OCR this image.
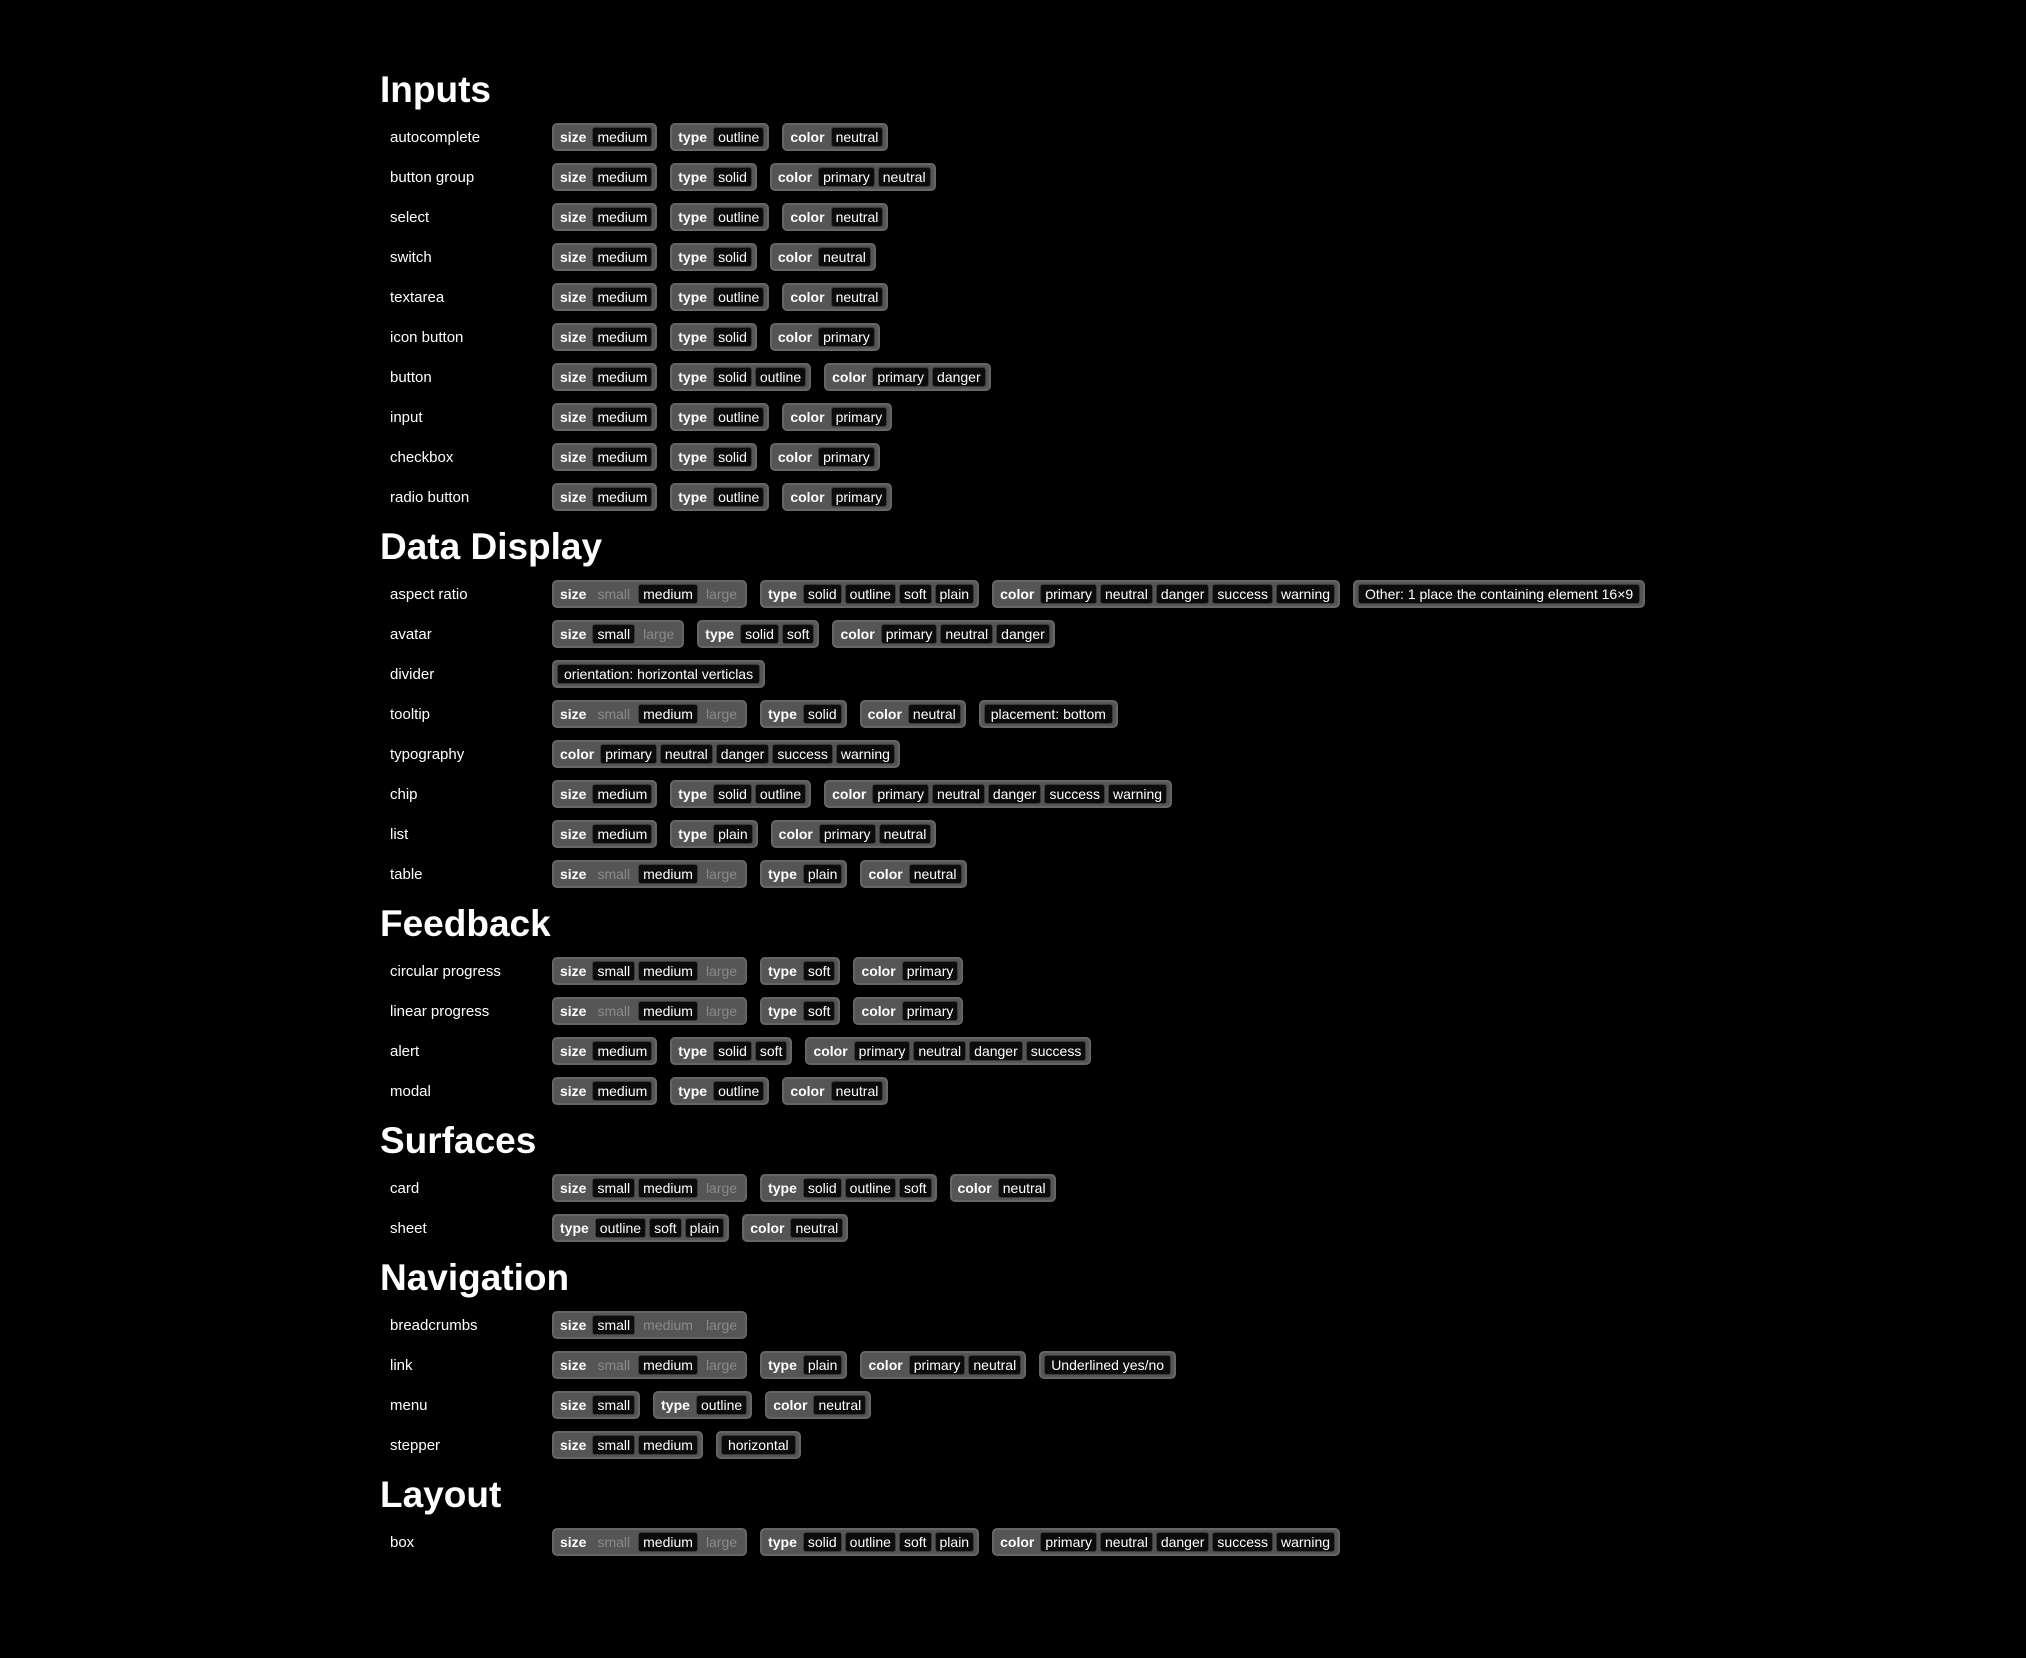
Inputs
autocomplete	size medium	type outline	color neutral
button group	size medium	type solid	color primary neutral
select	size medium	type outline	color neutral
switch	size medium	type solid	color neutral
textarea	size medium	type outline	color neutral
icon button	size medium	type solid	color primary
button	size medium	type solid outline	color primary danger
input	size medium	type outline	color primary
checkbox	size medium	type solid	color primary
radio button	size medium	type outline	color primary
Data Display
aspect ratio	size small medium large	type solid outline soft plain	color primary neutral danger success warning	Other: 1 place the containing element 16×9
avatar	size small large	type solid soft	color primary neutral danger
divider	orientation: horizontal verticlas
tooltip	size small medium large	type solid	color neutral	placement: bottom
typography	color primary neutral danger success warning
chip	size medium	type solid outline	color primary neutral danger success warning
list	size medium	type plain	color primary neutral
table	size small medium large	type plain	color neutral
Feedback
circular progress	size small medium large	type soft	color primary
linear progress	size small medium large	type soft	color primary
alert	size medium	type solid soft	color primary neutral danger success
modal	size medium	type outline	color neutral
Surfaces
card	size small medium large	type solid outline soft	color neutral
sheet	type outline soft plain	color neutral
Navigation
breadcrumbs	size small medium large
link	size small medium large	type plain	color primary neutral	Underlined yes/no
menu	size small	type outline	color neutral
stepper	size small medium	horizontal
Layout
box	size small medium large	type solid outline soft plain	color primary neutral danger success warning
